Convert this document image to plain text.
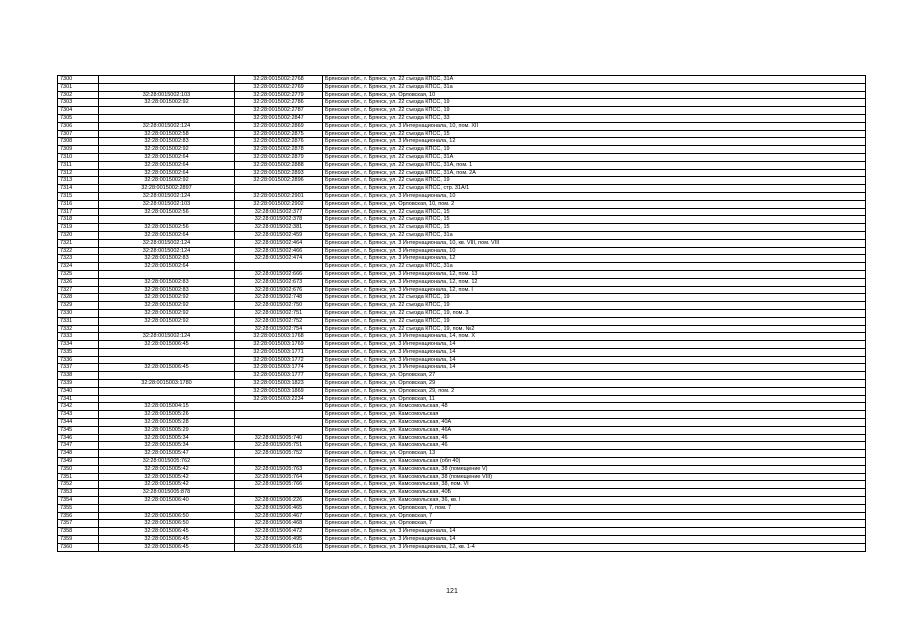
7300		32:28:0015002:2768	Брянская обл., г. Брянск, ул. 22 съезда КПСС, 31А
7301		32:28:0015002:2769	Брянская обл., г. Брянск, ул. 22 съезда КПСС, 31а
7302	32:28:0015002:103	32:28:0015002:2779	Брянская обл., г. Брянск, ул. Орловская, 10
7303	32:28:0015002:92	32:28:0015002:2786	Брянская обл., г. Брянск, ул. 22 съезда КПСС, 19
7304		32:28:0015002:2787	Брянская обл., г. Брянск, ул. 22 съезда КПСС, 19
7305		32:28:0015002:2847	Брянская обл., г. Брянск, ул. 22 съезда КПСС, 33
7306	32:28:0015002:124	32:28:0015002:2869	Брянская обл., г. Брянск, ул. 3 Интернационала, 10, пом. XII
7307	32:28:0015002:58	32:28:0015002:2875	Брянская обл., г. Брянск, ул. 22 съезда КПСС, 15
7308	32:28:0015002:83	32:28:0015002:2876	Брянская обл., г. Брянск, ул. 3 Интернационала, 12
7309	32:28:0015002:92	32:28:0015002:2878	Брянская обл., г. Брянск, ул. 22 съезда КПСС, 19
7310	32:28:0015002:64	32:28:0015002:2879	Брянская обл., г. Брянск, ул. 22 съезда КПСС, 31А
7311	32:28:0015002:64	32:28:0015002:2888	Брянская обл., г. Брянск, ул. 22 съезда КПСС, 31А, пом. 1
7312	32:28:0015002:64	32:28:0015002:2893	Брянская обл., г. Брянск, ул. 22 съезда КПСС, 31А, пом. 2А
7313	32:28:0015002:92	32:28:0015002:2896	Брянская обл., г. Брянск, ул. 22 съезда КПСС, 19
7314	32:28:0015002:2897		Брянская обл., г. Брянск, ул. 22 съезда КПСС, стр. 31А/1
7315	32:28:0015002:124	32:28:0015002:2901	Брянская обл., г. Брянск, ул. 3 Интернационала, 10
7316	32:28:0015002:103	32:28:0015002:2902	Брянская обл., г. Брянск, ул. Орловская, 10, пом. 2
7317	32:28:0015002:56	32:28:0015002:377	Брянская обл., г. Брянск, ул. 22 съезда КПСС, 15
7318		32:28:0015002:378	Брянская обл., г. Брянск, ул. 22 съезда КПСС, 15
7319	32:28:0015002:56	32:28:0015002:381	Брянская обл., г. Брянск, ул. 22 съезда КПСС, 15
7320	32:28:0015002:64	32:28:0015002:459	Брянская обл., г. Брянск, ул. 22 съезда КПСС, 31а
7321	32:28:0015002:124	32:28:0015002:464	Брянская обл., г. Брянск, ул. 3 Интернационала, 10, кв. VIII, пом. VIII
7322	32:28:0015002:124	32:28:0015002:466	Брянская обл., г. Брянск, ул. 3 Интернационала, 10
7323	32:28:0015002:83	32:28:0015002:474	Брянская обл., г. Брянск, ул. 3 Интернационала, 12
7324	32:28:0015002:64		Брянская обл., г. Брянск, ул. 22 съезда КПСС, 31а
7325		32:28:0015002:666	Брянская обл., г. Брянск, ул. 3 Интернационала, 12, пом. 13
7326	32:28:0015002:83	32:28:0015002:673	Брянская обл., г. Брянск, ул. 3 Интернационала, 12, пом. 12
7327	32:28:0015002:83	32:28:0015002:676	Брянская обл., г. Брянск, ул. 3 Интернационала, 12, пом. I
7328	32:28:0015002:92	32:28:0015002:748	Брянская обл., г. Брянск, ул. 22 съезда КПСС, 19
7329	32:28:0015002:92	32:28:0015002:750	Брянская обл., г. Брянск, ул. 22 съезда КПСС, 19
7330	32:28:0015002:92	32:28:0015002:751	Брянская обл., г. Брянск, ул. 22 съезда КПСС, 19, пом. 3
7331	32:28:0015002:92	32:28:0015002:752	Брянская обл., г. Брянск, ул. 22 съезда КПСС, 19
7332		32:28:0015002:754	Брянская обл., г. Брянск, ул. 22 съезда КПСС, 19, пом. №2
7333	32:28:0015002:124	32:28:0015003:1768	Брянская обл., г. Брянск, ул. 3 Интернационала, 14, пом. Х
7334	32:28:0015006:45	32:28:0015003:1769	Брянская обл., г. Брянск, ул. 3 Интернационала, 14
7335		32:28:0015003:1771	Брянская обл., г. Брянск, ул. 3 Интернационала, 14
7336		32:28:0015003:1772	Брянская обл., г. Брянск, ул. 3 Интернационала, 14
7337	32:28:0015006:45	32:28:0015003:1774	Брянская обл., г. Брянск, ул. 3 Интернационала, 14
7338		32:28:0015003:1777	Брянская обл., г. Брянск, ул. Орловская, 27
7339	32:28:0015003:1780	32:28:0015003:1823	Брянская обл., г. Брянск, ул. Орловская, 29
7340		32:28:0015003:1869	Брянская обл., г. Брянск, ул. Орловская, 29, пом. 2
7341		32:28:0015003:2234	Брянская обл., г. Брянск, ул. Орловская, 11
7342	32:28:0015004:15		Брянская обл., г. Брянск, ул. Комсомольская, 48
7343	32:28:0015005:26		Брянская обл., г. Брянск, ул. Камсомольская
7344	32:28:0015005:28		Брянская обл., г. Брянск, ул. Камсомольская, 40А
7345	32:28:0015005:29		Брянская обл., г. Брянск, ул. Камсомольская, 46А
7346	32:28:0015005:34	32:28:0015005:740	Брянская обл., г. Брянск, ул. Камсомольская, 46
7347	32:28:0015005:34	32:28:0015005:751	Брянская обл., г. Брянск, ул. Камсомольская, 46
7348	32:28:0015005:47	32:28:0015005:752	Брянская обл., г. Брянск, ул. Орловская, 13
7349	32:28:0015005:762		Брянская обл., г. Брянск, ул. Камсомольская (обл 40)
7350	32:28:0015005:42	32:28:0015005:763	Брянская обл., г. Брянск, ул. Камсомольская, 38 (помещение V)
7351	32:28:0015005:42	32:28:0015005:764	Брянская обл., г. Брянск, ул. Камсомольская, 38 (помещение VIII)
7352	32:28:0015005:42	32:28:0015005:766	Брянская обл., г. Брянск, ул. Камсомольская, 38, пом. VI
7353	32:28:0015005:878		Брянская обл., г. Брянск, ул. Камсомольская, 40Б
7354	32:28:0015006:40	32:28:0015006:226	Брянская обл., г. Брянск, ул. Камсомольская, 36, кв. I
7355		32:28:0015006:465	Брянская обл., г. Брянск, ул. Орловская, 7, пом. 7
7356	32:28:0015006:50	32:28:0015006:467	Брянская обл., г. Брянск, ул. Орловская, 7
7357	32:28:0015006:50	32:28:0015006:468	Брянская обл., г. Брянск, ул. Орловская, 7
7358	32:28:0015006:45	32:28:0015006:472	Брянская обл., г. Брянск, ул. 3 Интернационала, 14
7359	32:28:0015006:45	32:28:0015006:495	Брянская обл., г. Брянск, ул. 3 Интернационала, 14
7360	32:28:0015006:45	32:28:0015006:616	Брянская обл., г. Брянск, ул. 3 Интернационала, 12, кв. 1-4
121
